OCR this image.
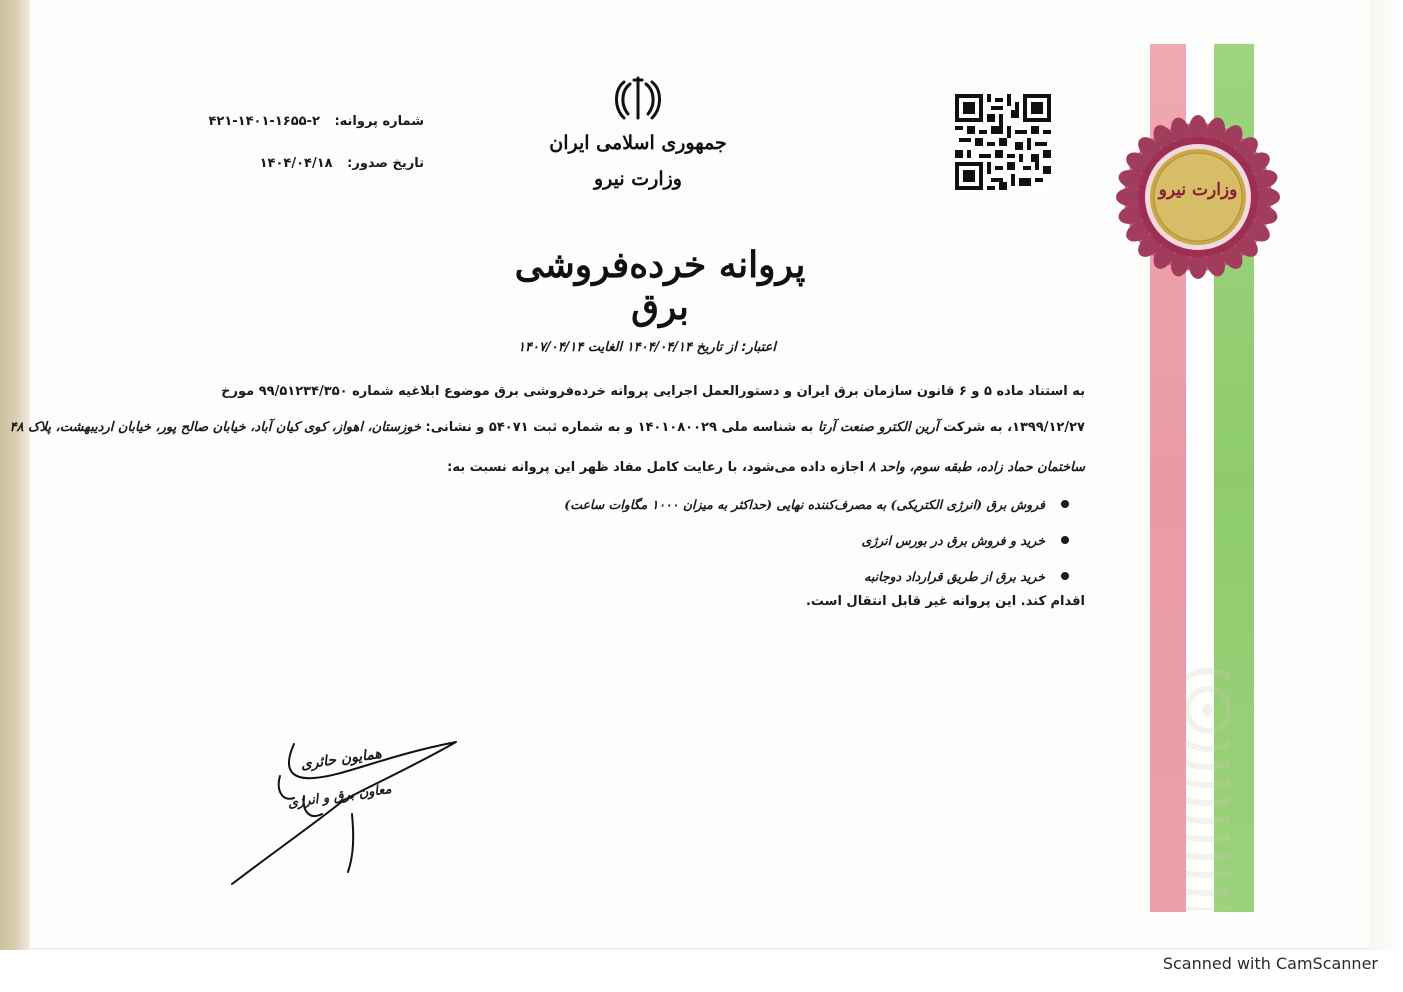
وزارت نیرو
جمهوری اسلامی ایران
وزارت نیرو
پروانه خرده‌فروشی برق
شماره پروانه: ۲-۱۶۵۵-۱۴۰۱-۴۲۱
تاریخ صدور: ۱۴۰۴/۰۴/۱۸
اعتبار: از تاریخ ۱۴۰۴/۰۴/۱۴ الغایت ۱۴۰۷/۰۴/۱۴
به استناد ماده ۵ و ۶ قانون سازمان برق ایران و دستورالعمل اجرایی پروانه خرده‌فروشی برق موضوع ابلاغیه شماره ۹۹/۵۱۲۳۴/۳۵۰ مورخ
۱۳۹۹/۱۲/۲۷، به شرکت آرین الکترو صنعت آرتا به شناسه ملی ۱۴۰۱۰۸۰۰۲۹ و به شماره ثبت ۵۴۰۷۱ و نشانی: خوزستان، اهواز، کوی کیان آباد، خیابان صالح پور، خیابان اردیبهشت، پلاک ۴۸
ساختمان حماد زاده، طبقه سوم، واحد ۸ اجازه داده می‌شود، با رعایت کامل مفاد ظهر این پروانه نسبت به:
فروش برق (انرژی الکتریکی) به مصرف‌کننده نهایی (حداکثر به میزان ۱۰۰۰ مگاوات ساعت)
خرید و فروش برق در بورس انرژی
خرید برق از طریق قرارداد دوجانبه
اقدام کند. این پروانه غیر قابل انتقال است.
همایون حائری
معاون برق و انرژی
Scanned with CamScanner
